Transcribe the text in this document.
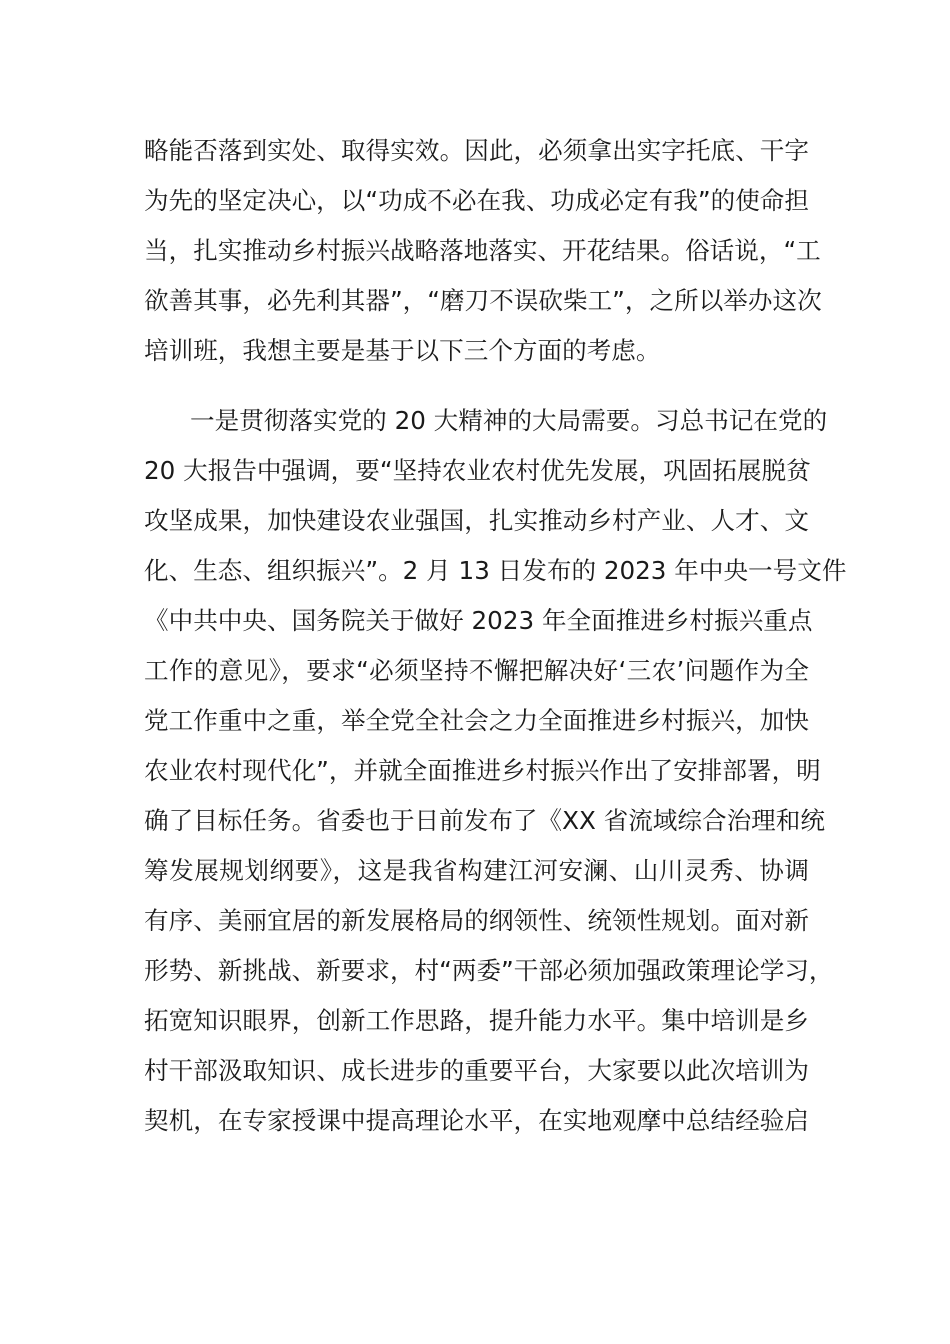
略能否落到实处、取得实效。因此，必须拿出实字托底、干字
为先的坚定决心，以“功成不必在我、功成必定有我”的使命担
当，扎实推动乡村振兴战略落地落实、开花结果。俗话说，“工
欲善其事，必先利其器”，“磨刀不误砍柴工”，之所以举办这次
培训班，我想主要是基于以下三个方面的考虑。
一是贯彻落实党的 20 大精神的大局需要。习总书记在党的
20 大报告中强调，要“坚持农业农村优先发展，巩固拓展脱贫
攻坚成果，加快建设农业强国，扎实推动乡村产业、人才、文
化、生态、组织振兴”。2 月 13 日发布的 2023 年中央一号文件
《中共中央、国务院关于做好 2023 年全面推进乡村振兴重点
工作的意见》，要求“必须坚持不懈把解决好‘三农’问题作为全
党工作重中之重，举全党全社会之力全面推进乡村振兴，加快
农业农村现代化”，并就全面推进乡村振兴作出了安排部署，明
确了目标任务。省委也于日前发布了《XX 省流域综合治理和统
筹发展规划纲要》，这是我省构建江河安澜、山川灵秀、协调
有序、美丽宜居的新发展格局的纲领性、统领性规划。面对新
形势、新挑战、新要求，村“两委”干部必须加强政策理论学习，
拓宽知识眼界，创新工作思路，提升能力水平。集中培训是乡
村干部汲取知识、成长进步的重要平台，大家要以此次培训为
契机，在专家授课中提高理论水平，在实地观摩中总结经验启
